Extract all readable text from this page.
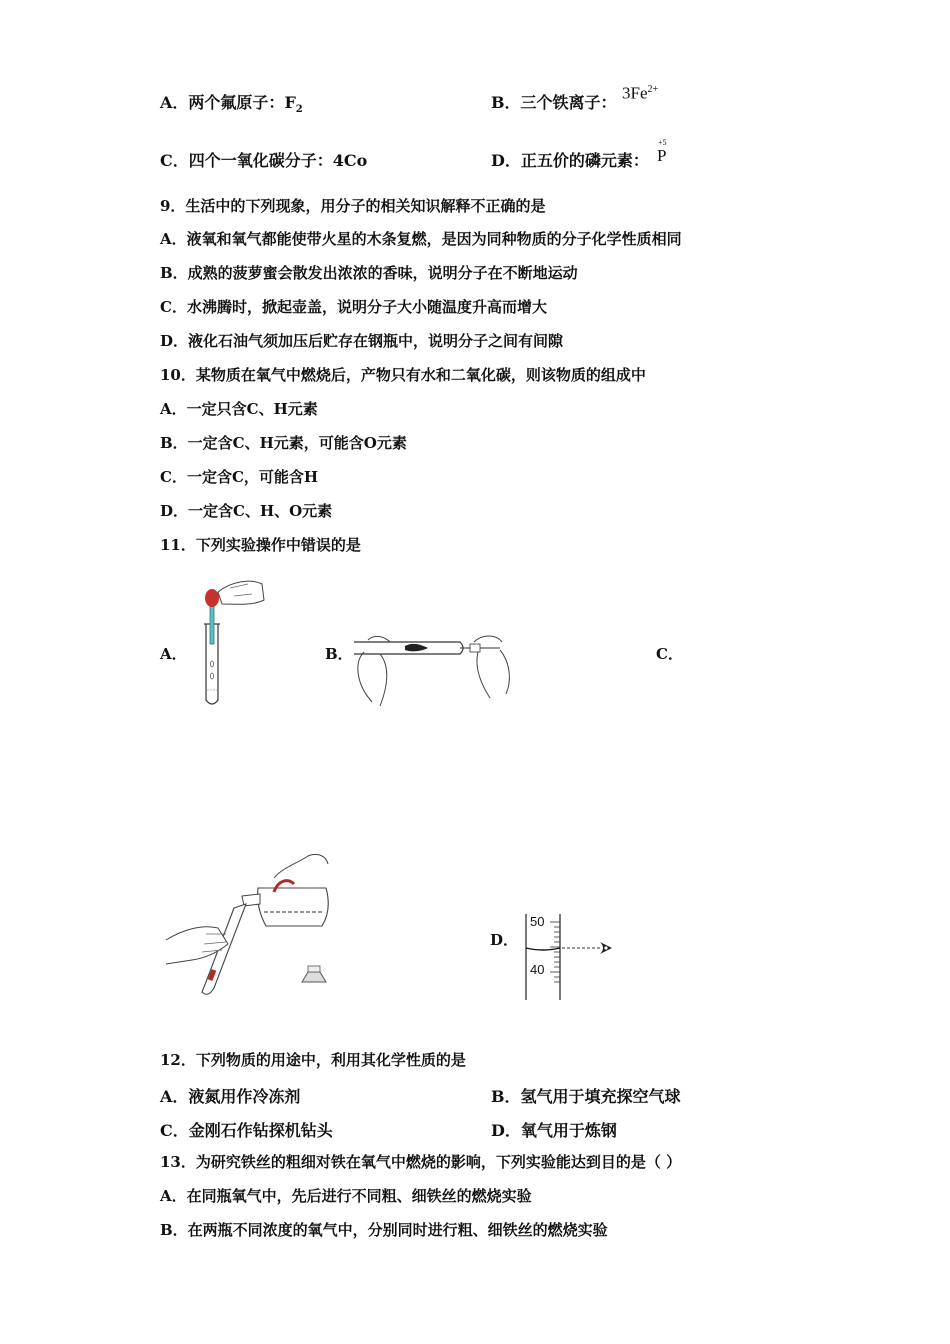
A．两个氟原子：$F_2$	B．三个铁离子： $3Fe^{2+}$
C．四个一氧化碳分子：4Co	D．正五价的磷元素：
+5
P
9．生活中的下列现象，用分子的相关知识解释不正确的是
A．液氧和氧气都能使带火星的木条复燃，是因为同种物质的分子化学性质相同
B．成熟的菠萝蜜会散发出浓浓的香味，说明分子在不断地运动
C．水沸腾时，掀起壶盖，说明分子大小随温度升高而增大
D．液化石油气须加压后贮存在钢瓶中，说明分子之间有间隙
10．某物质在氧气中燃烧后，产物只有水和二氧化碳，则该物质的组成中
A．一定只含C、H元素
B．一定含C、H元素，可能含O元素
C．一定含C，可能含H
D．一定含C、H、O元素
11．下列实验操作中错误的是
A．	B．	C．
D．
50
40
12．下列物质的用途中，利用其化学性质的是
A．液氮用作冷冻剂	B．氢气用于填充探空气球
C．金刚石作钻探机钻头	D．氧气用于炼钢
13．为研究铁丝的粗细对铁在氧气中燃烧的影响，下列实验能达到目的是（ ）
A．在同瓶氧气中，先后进行不同粗、细铁丝的燃烧实验
B．在两瓶不同浓度的氧气中，分别同时进行粗、细铁丝的燃烧实验
